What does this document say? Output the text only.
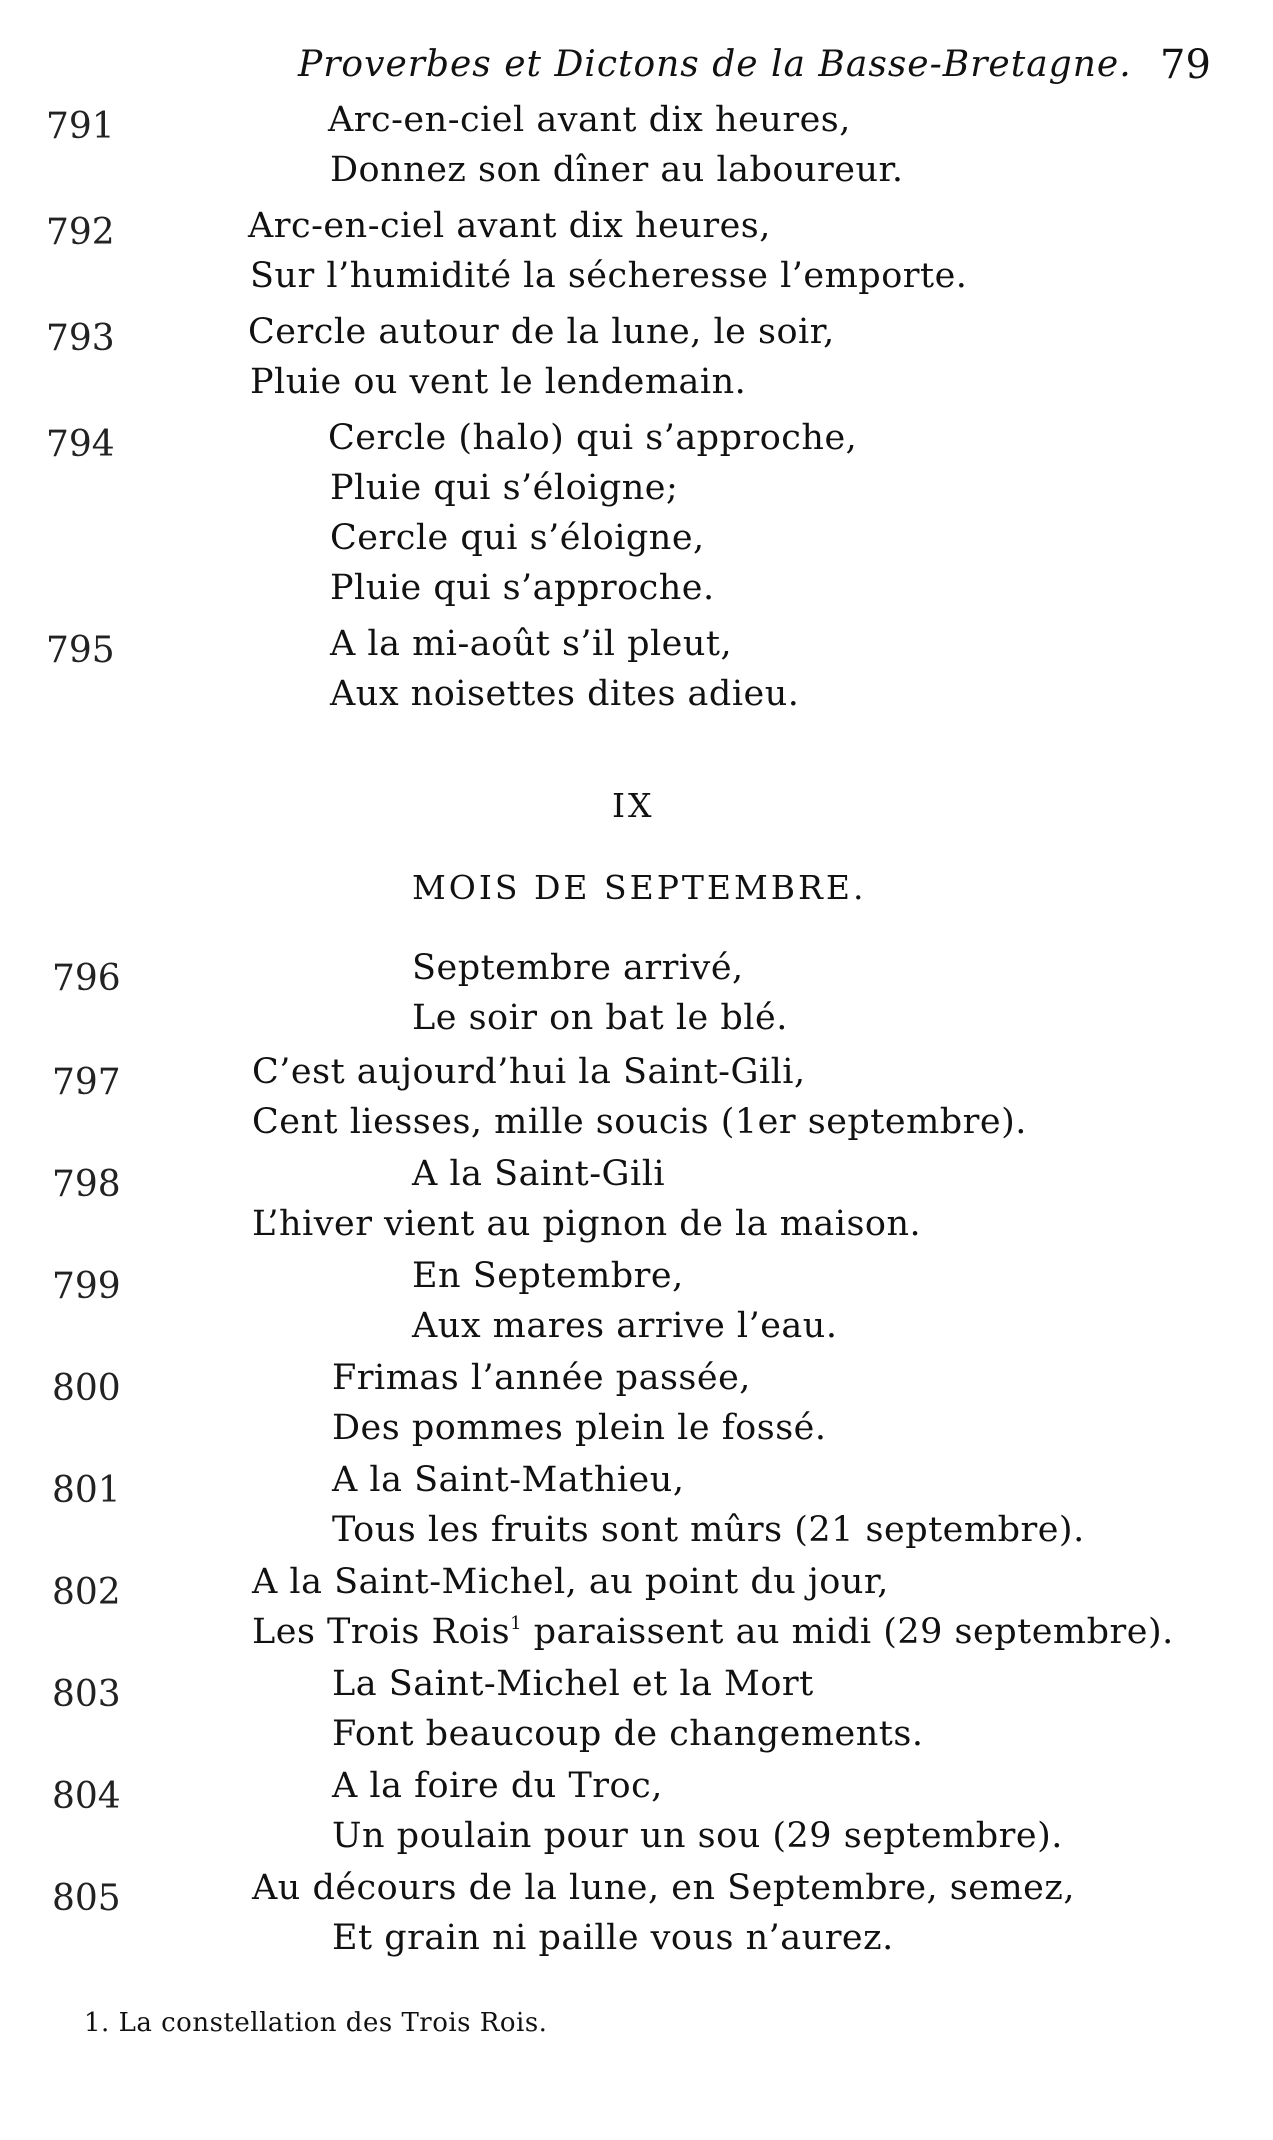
Proverbes et Dictons de la Basse-Bretagne. 79
791	Arc-en-ciel avant dix heures,
Donnez son dîner au laboureur.
792	Arc-en-ciel avant dix heures,
Sur l’humidité la sécheresse l’emporte.
793	Cercle autour de la lune, le soir,
Pluie ou vent le lendemain.
794	Cercle (halo) qui s’approche,
Pluie qui s’éloigne;
Cercle qui s’éloigne,
Pluie qui s’approche.
795	A la mi-août s’il pleut,
Aux noisettes dites adieu.
IX
MOIS DE SEPTEMBRE.
796	Septembre arrivé,
Le soir on bat le blé.
797	C’est aujourd’hui la Saint-Gili,
Cent liesses, mille soucis (1er septembre).
798	A la Saint-Gili
L’hiver vient au pignon de la maison.
799	En Septembre,
Aux mares arrive l’eau.
800	Frimas l’année passée,
Des pommes plein le fossé.
801	A la Saint-Mathieu,
Tous les fruits sont mûrs (21 septembre).
802	A la Saint-Michel, au point du jour,
Les Trois Rois$^1$ paraissent au midi (29 septembre).
803	La Saint-Michel et la Mort
Font beaucoup de changements.
804	A la foire du Troc,
Un poulain pour un sou (29 septembre).
805	Au décours de la lune, en Septembre, semez,
Et grain ni paille vous n’aurez.
1. La constellation des Trois Rois.
